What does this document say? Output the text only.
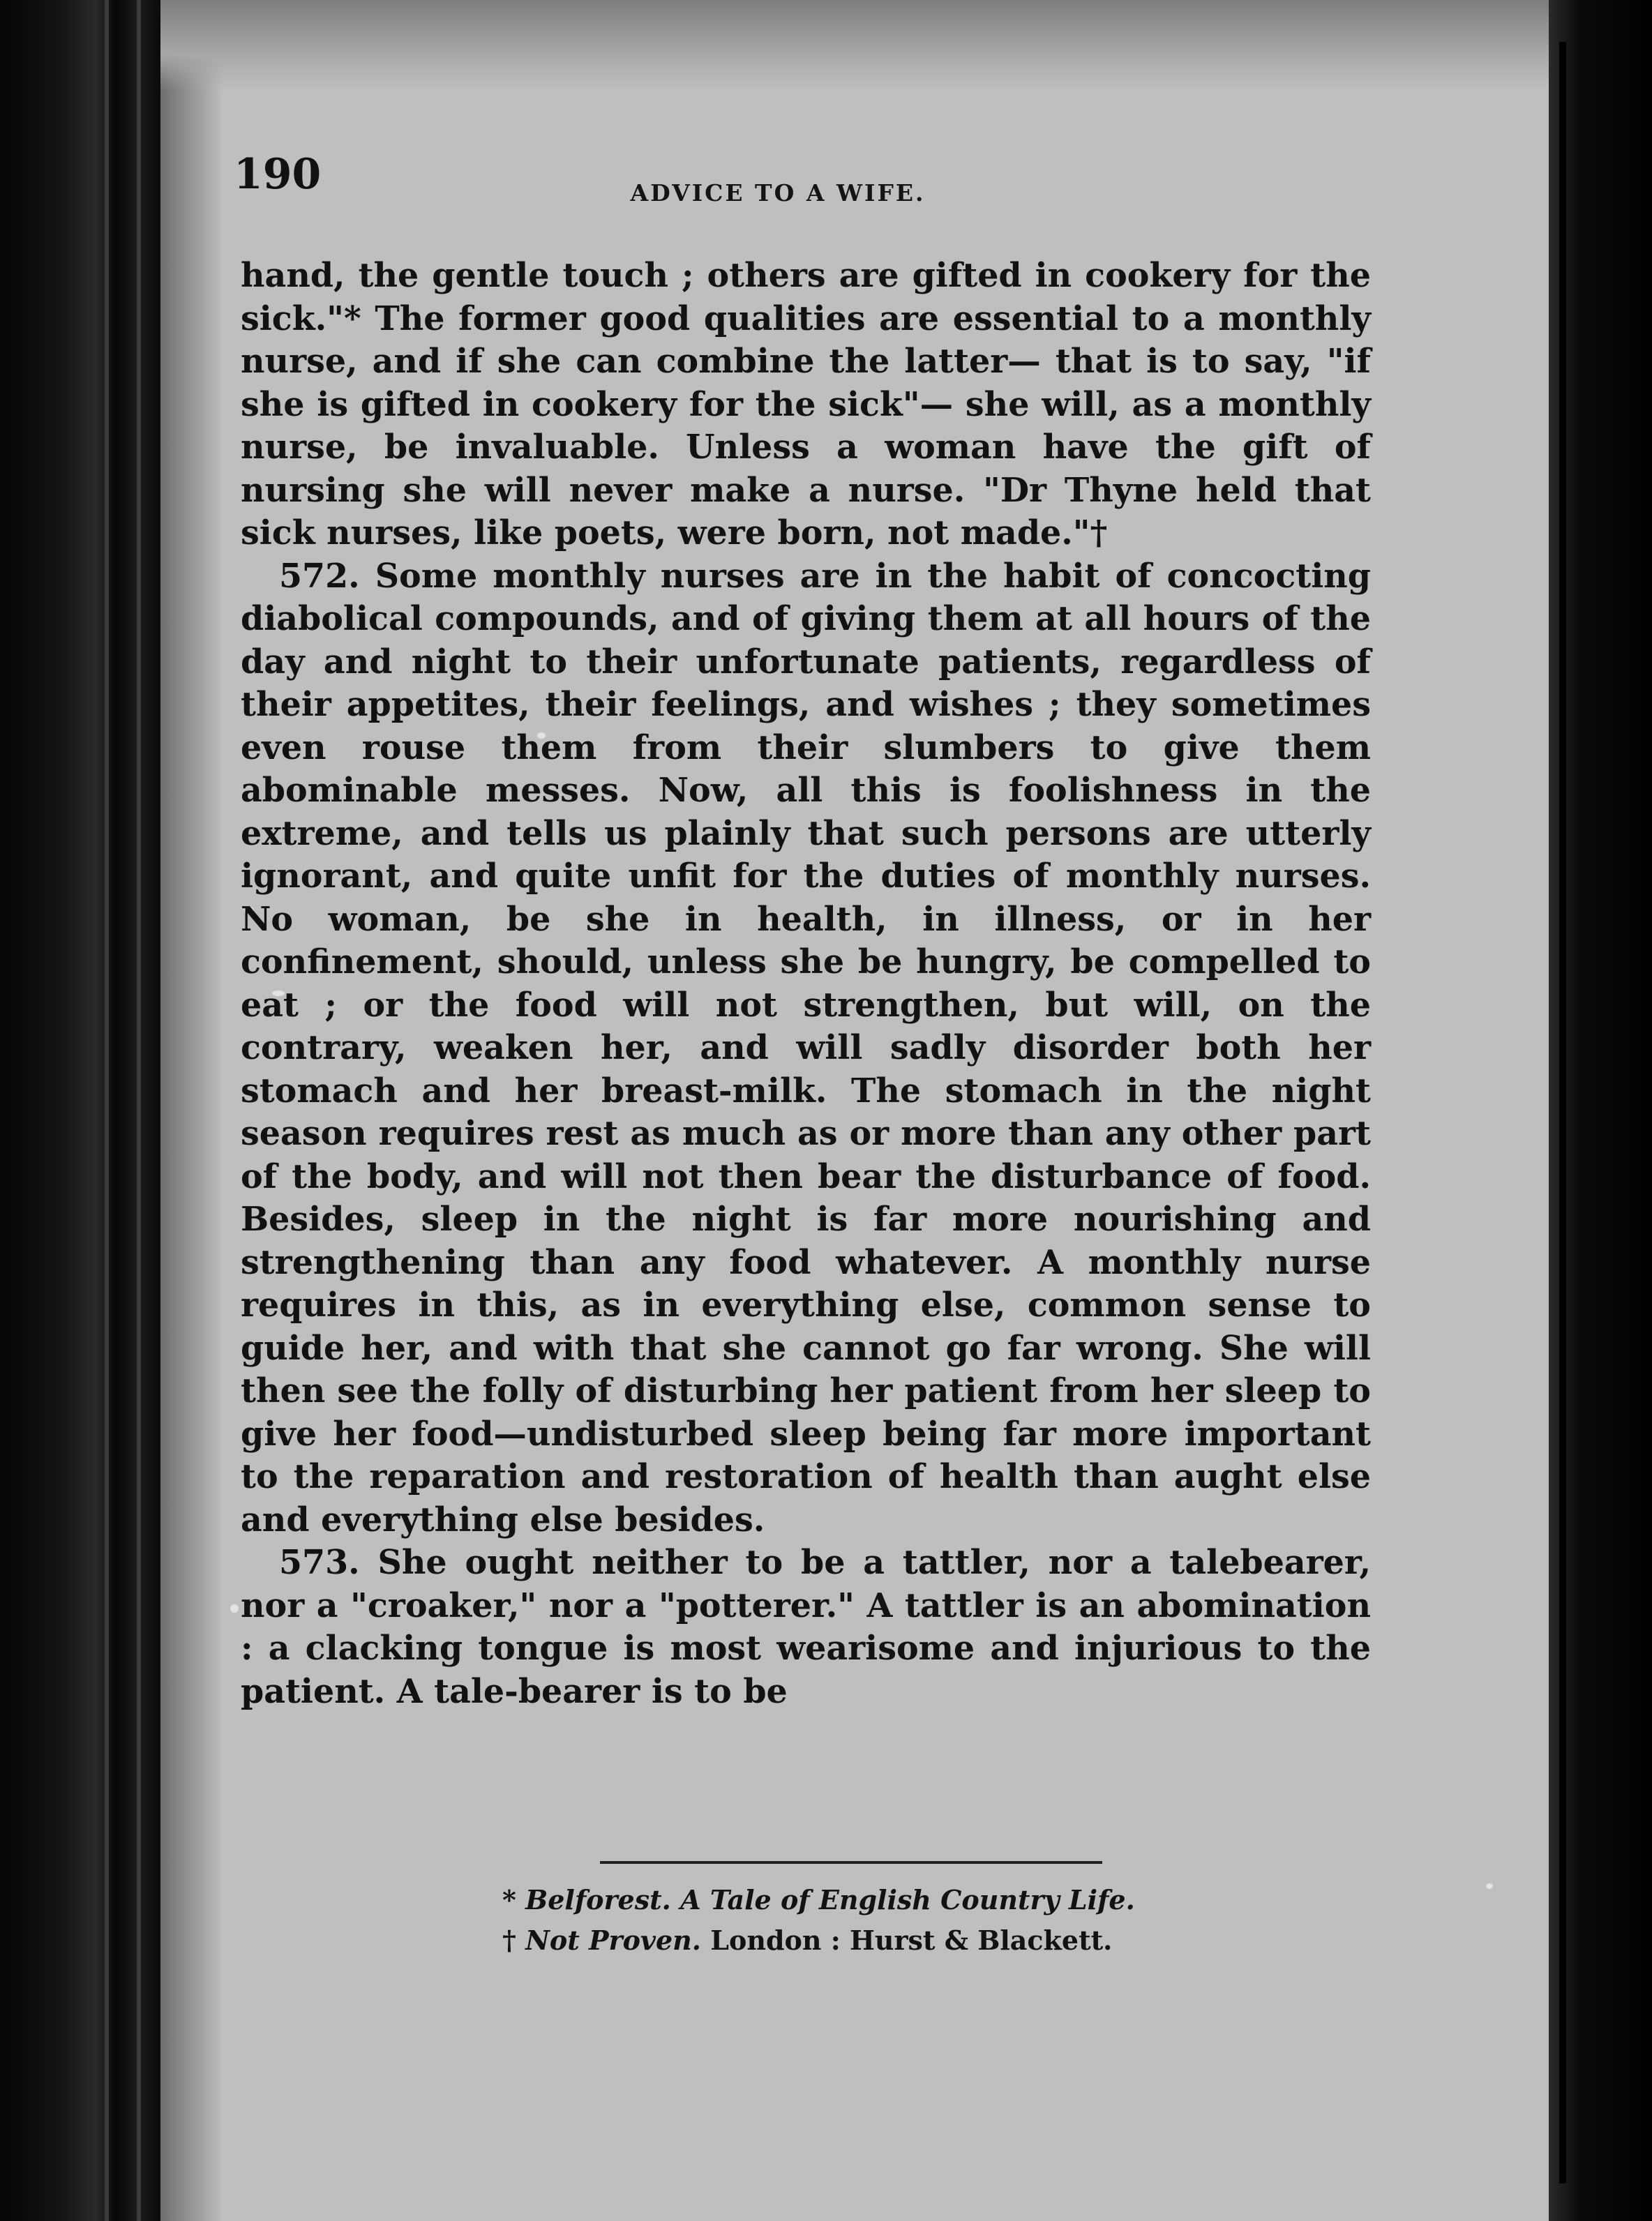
190	ADVICE TO A WIFE.

hand, the gentle touch ; others are gifted in cookery for the sick."* The former good qualities are essential to a monthly nurse, and if she can combine the latter— that is to say, "if she is gifted in cookery for the sick"— she will, as a monthly nurse, be invaluable. Unless a woman have the gift of nursing she will never make a nurse. "Dr Thyne held that sick nurses, like poets, were born, not made."†

572. Some monthly nurses are in the habit of concocting diabolical compounds, and of giving them at all hours of the day and night to their unfortunate patients, regardless of their appetites, their feelings, and wishes ; they sometimes even rouse them from their slumbers to give them abominable messes. Now, all this is foolishness in the extreme, and tells us plainly that such persons are utterly ignorant, and quite unfit for the duties of monthly nurses. No woman, be she in health, in illness, or in her confinement, should, unless she be hungry, be compelled to eat ; or the food will not strengthen, but will, on the contrary, weaken her, and will sadly disorder both her stomach and her breast-milk. The stomach in the night season requires rest as much as or more than any other part of the body, and will not then bear the disturbance of food. Besides, sleep in the night is far more nourishing and strengthening than any food whatever. A monthly nurse requires in this, as in everything else, common sense to guide her, and with that she cannot go far wrong. She will then see the folly of disturbing her patient from her sleep to give her food—undisturbed sleep being far more important to the reparation and restoration of health than aught else and everything else besides.

573. She ought neither to be a tattler, nor a talebearer, nor a "croaker," nor a "potterer." A tattler is an abomination : a clacking tongue is most wearisome and injurious to the patient. A tale-bearer is to be

* Belforest. A Tale of English Country Life.
† Not Proven. London : Hurst & Blackett.
